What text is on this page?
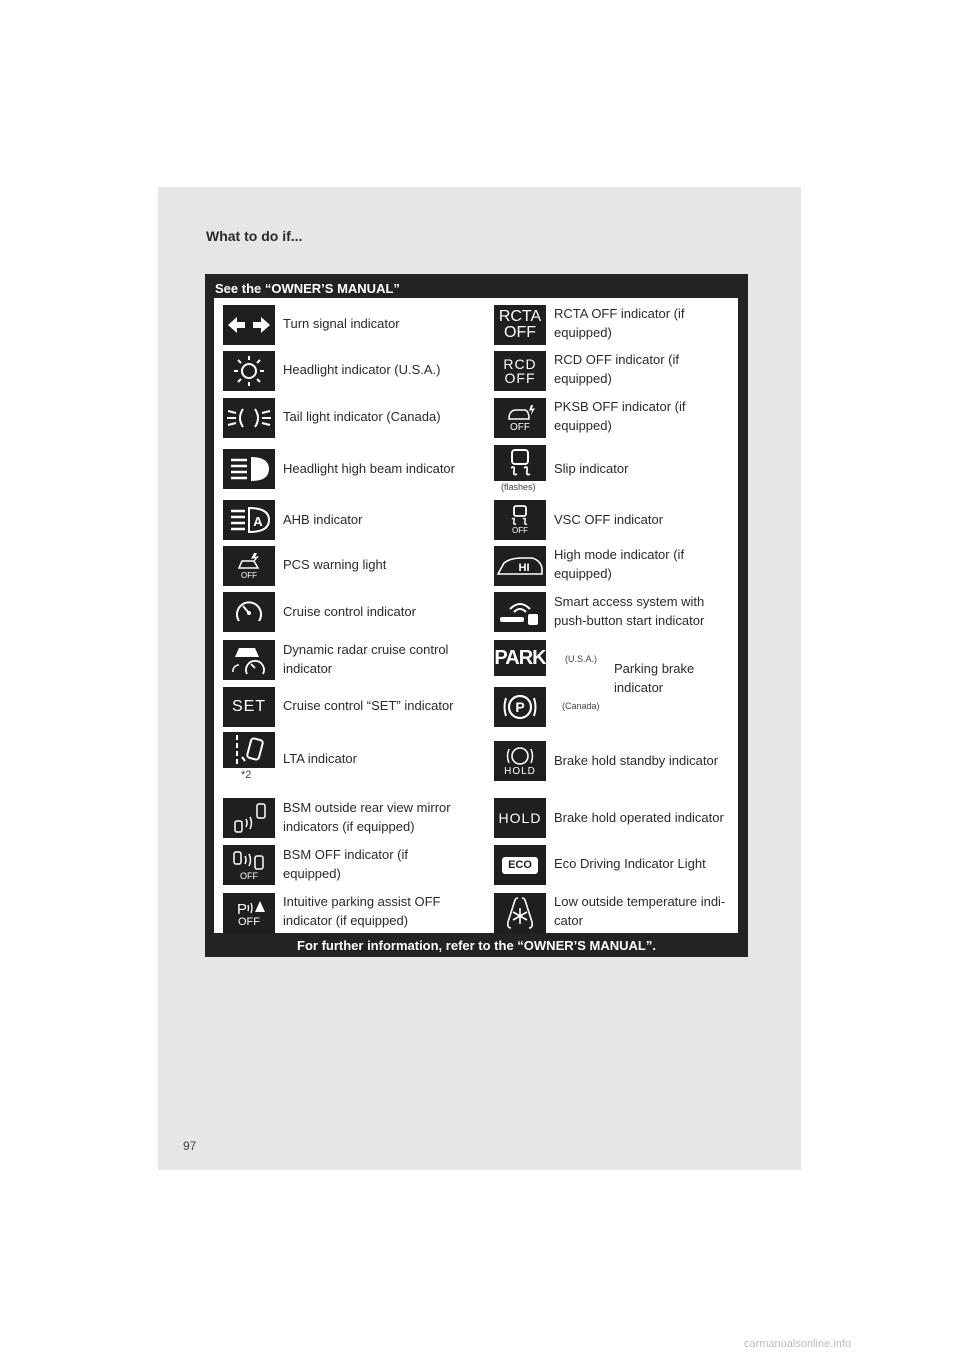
What to do if...
See the “OWNER’S MANUAL”
Turn signal indicator
Headlight indicator (U.S.A.)
Tail light indicator (Canada)
Headlight high beam indicator
A AHB indicator
OFF
PCS warning light
Cruise control indicator
Dynamic radar cruise control
indicator
SET Cruise control “SET” indicator
*2
LTA indicator
BSM outside rear view mirror
indicators (if equipped)
OFF
BSM OFF indicator (if
equipped)
P
OFF
Intuitive parking assist OFF
indicator (if equipped)
RCTA
OFF
RCTA OFF indicator (if
equipped)
RCD
OFF
RCD OFF indicator (if
equipped)
OFF
PKSB OFF indicator (if
equipped)
(flashes)
Slip indicator
OFF
VSC OFF indicator
HI
High mode indicator (if
equipped)
Smart access system with
push-button start indicator
PARK (U.S.A.)
P	(Canada)
Parking brake
indicator
HOLD
Brake hold standby indicator
HOLD Brake hold operated indicator
ECO	Eco Driving Indicator Light
Low outside temperature indi-
cator
For further information, refer to the “OWNER’S MANUAL”.
97
carmanualsonline.info
